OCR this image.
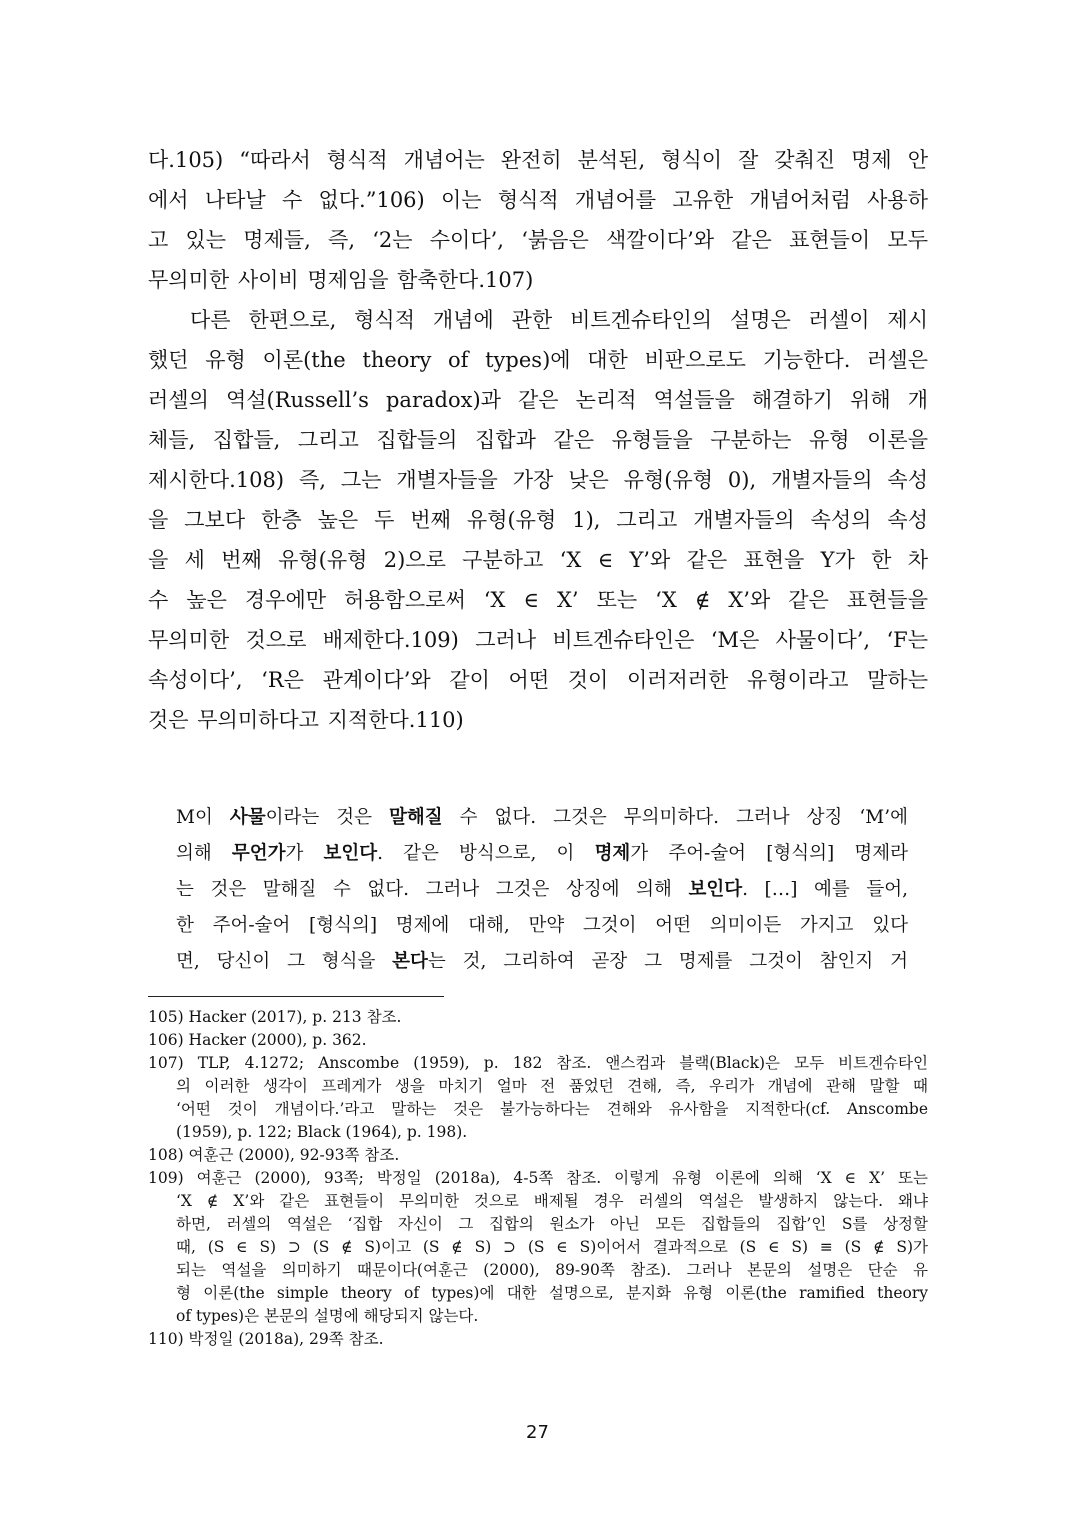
다.105) “따라서 형식적 개념어는 완전히 분석된, 형식이 잘 갖춰진 명제 안
에서 나타날 수 없다.”106) 이는 형식적 개념어를 고유한 개념어처럼 사용하
고 있는 명제들, 즉, ‘2는 수이다’, ‘붉음은 색깔이다’와 같은 표현들이 모두
무의미한 사이비 명제임을 함축한다.107)

다른 한편으로, 형식적 개념에 관한 비트겐슈타인의 설명은 러셀이 제시
했던 유형 이론(the theory of types)에 대한 비판으로도 기능한다. 러셀은
러셀의 역설(Russell’s paradox)과 같은 논리적 역설들을 해결하기 위해 개
체들, 집합들, 그리고 집합들의 집합과 같은 유형들을 구분하는 유형 이론을
제시한다.108) 즉, 그는 개별자들을 가장 낮은 유형(유형 0), 개별자들의 속성
을 그보다 한층 높은 두 번째 유형(유형 1), 그리고 개별자들의 속성의 속성
을 세 번째 유형(유형 2)으로 구분하고 ‘X ∈ Y’와 같은 표현을 Y가 한 차
수 높은 경우에만 허용함으로써 ‘X ∈ X’ 또는 ‘X ∉ X’와 같은 표현들을
무의미한 것으로 배제한다.109) 그러나 비트겐슈타인은 ‘M은 사물이다’, ‘F는
속성이다’, ‘R은 관계이다’와 같이 어떤 것이 이러저러한 유형이라고 말하는
것은 무의미하다고 지적한다.110)

M이 사물이라는 것은 말해질 수 없다. 그것은 무의미하다. 그러나 상징 ‘M’에
의해 무언가가 보인다. 같은 방식으로, 이 명제가 주어-술어 [형식의] 명제라
는 것은 말해질 수 없다. 그러나 그것은 상징에 의해 보인다. […] 예를 들어,
한 주어-술어 [형식의] 명제에 대해, 만약 그것이 어떤 의미이든 가지고 있다
면, 당신이 그 형식을 본다는 것, 그리하여 곧장 그 명제를 그것이 참인지 거
105) Hacker (2017), p. 213 참조.
106) Hacker (2000), p. 362.
107) TLP, 4.1272; Anscombe (1959), p. 182 참조. 앤스컴과 블랙(Black)은 모두 비트겐슈타인
의 이러한 생각이 프레게가 생을 마치기 얼마 전 품었던 견해, 즉, 우리가 개념에 관해 말할 때
‘어떤 것이 개념이다.’라고 말하는 것은 불가능하다는 견해와 유사함을 지적한다(cf. Anscombe
(1959), p. 122; Black (1964), p. 198).
108) 여훈근 (2000), 92-93쪽 참조.
109) 여훈근 (2000), 93쪽; 박정일 (2018a), 4-5쪽 참조. 이렇게 유형 이론에 의해 ‘X ∈ X’ 또는
‘X ∉ X’와 같은 표현들이 무의미한 것으로 배제될 경우 러셀의 역설은 발생하지 않는다. 왜냐
하면, 러셀의 역설은 ‘집합 자신이 그 집합의 원소가 아닌 모든 집합들의 집합’인 S를 상정할
때, (S ∈ S) ⊃ (S ∉ S)이고 (S ∉ S) ⊃ (S ∈ S)이어서 결과적으로 (S ∈ S) ≡ (S ∉ S)가
되는 역설을 의미하기 때문이다(여훈근 (2000), 89-90쪽 참조). 그러나 본문의 설명은 단순 유
형 이론(the simple theory of types)에 대한 설명으로, 분지화 유형 이론(the ramified theory
of types)은 본문의 설명에 해당되지 않는다.
110) 박정일 (2018a), 29쪽 참조.
27
